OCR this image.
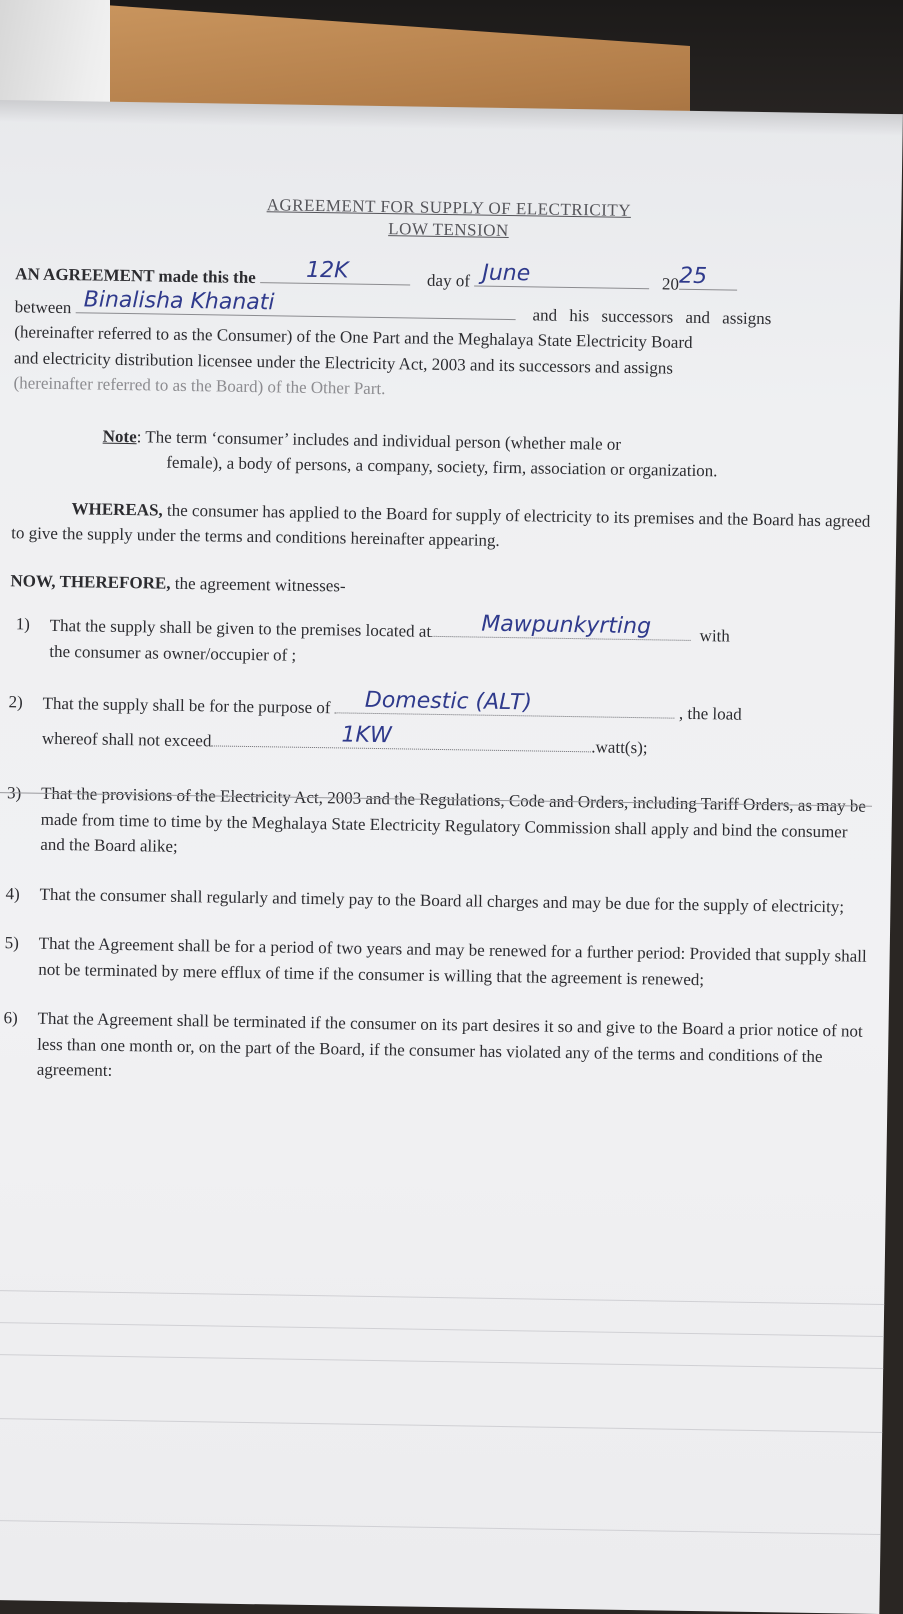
AGREEMENT FOR SUPPLY OF ELECTRICITY
LOW TENSION
AN AGREEMENT made this the 12K	day of June	20 25
between Binalisha Khanati
and his successors and assigns
(hereinafter referred to as the Consumer) of the One Part and the Meghalaya State Electricity Board
and electricity distribution licensee under the Electricity Act, 2003 and its successors and assigns
(hereinafter referred to as the Board) of the Other Part.
Note: The term ‘consumer’ includes and individual person (whether male or
female), a body of persons, a company, society, firm, association or organization.
WHEREAS, the consumer has applied to the Board for supply of electricity to its premises and the Board has agreed to give the supply under the terms and conditions hereinafter appearing.
NOW, THEREFORE, the agreement witnesses-
1)	That the supply shall be given to the premises located at Mawpunkyrting	with
the consumer as owner/occupier of ;
2)	That the supply shall be for the purpose of Domestic (ALT)	, the load
whereof shall not exceed	1KW	.watt(s);
3)	That the provisions of the Electricity Act, 2003 and the Regulations, Code and Orders, including Tariff Orders, as may be made from time to time by the Meghalaya State Electricity Regulatory Commission shall apply and bind the consumer and the Board alike;
4)	That the consumer shall regularly and timely pay to the Board all charges and may be due for the supply of electricity;
5)	That the Agreement shall be for a period of two years and may be renewed for a further period: Provided that supply shall not be terminated by mere efflux of time if the consumer is willing that the agreement is renewed;
6)	That the Agreement shall be terminated if the consumer on its part desires it so and give to the Board a prior notice of not less than one month or, on the part of the Board, if the consumer has violated any of the terms and conditions of the agreement:
